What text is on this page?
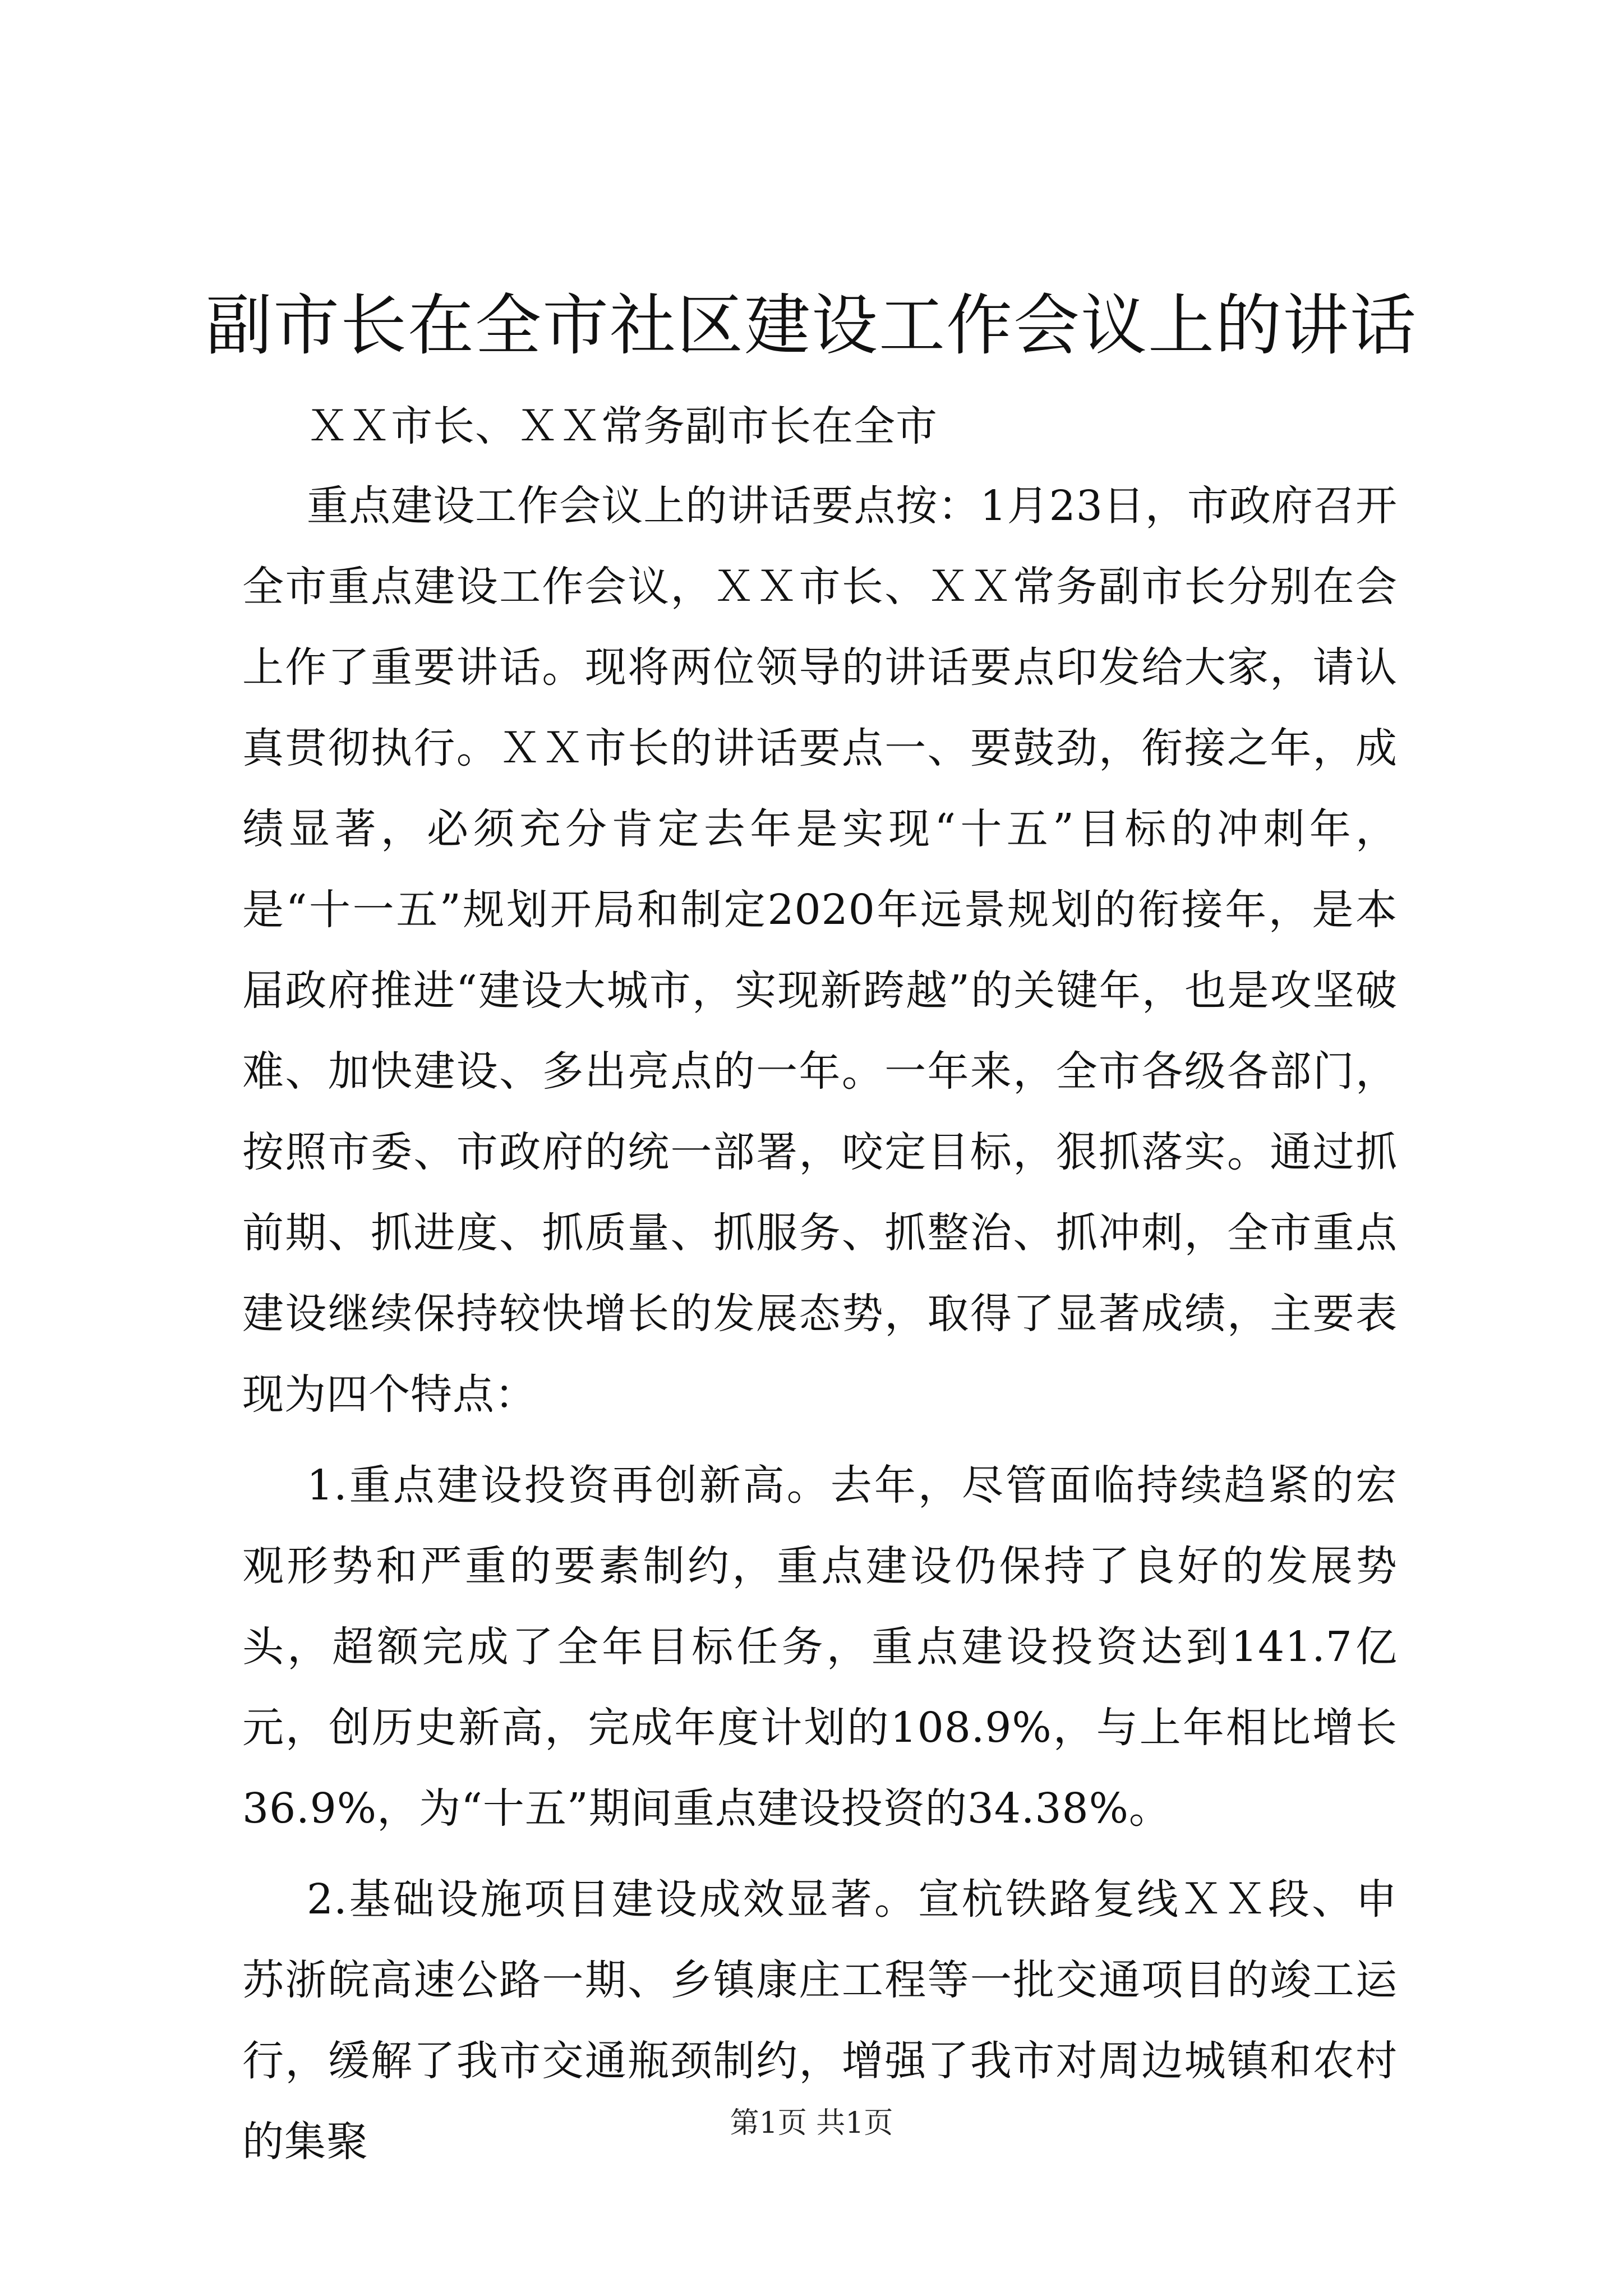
副市长在全市社区建设工作会议上的讲话

ＸＸ市长、ＸＸ常务副市长在全市

重点建设工作会议上的讲话要点按：1月23日，市政府召开全市重点建设工作会议，ＸＸ市长、ＸＸ常务副市长分别在会上作了重要讲话。现将两位领导的讲话要点印发给大家，请认真贯彻执行。ＸＸ市长的讲话要点一、要鼓劲，衔接之年，成绩显著，必须充分肯定去年是实现“十五”目标的冲刺年，是“十一五”规划开局和制定2020年远景规划的衔接年，是本届政府推进“建设大城市，实现新跨越”的关键年，也是攻坚破难、加快建设、多出亮点的一年。一年来，全市各级各部门，按照市委、市政府的统一部署，咬定目标，狠抓落实。通过抓前期、抓进度、抓质量、抓服务、抓整治、抓冲刺，全市重点建设继续保持较快增长的发展态势，取得了显著成绩，主要表现为四个特点：

1.重点建设投资再创新高。去年，尽管面临持续趋紧的宏观形势和严重的要素制约，重点建设仍保持了良好的发展势头，超额完成了全年目标任务，重点建设投资达到141.7亿元，创历史新高，完成年度计划的108.9%，与上年相比增长36.9%，为“十五”期间重点建设投资的34.38%。

2.基础设施项目建设成效显著。宣杭铁路复线ＸＸ段、申苏浙皖高速公路一期、乡镇康庄工程等一批交通项目的竣工运行，缓解了我市交通瓶颈制约，增强了我市对周边城镇和农村的集聚	第1页 共1页
